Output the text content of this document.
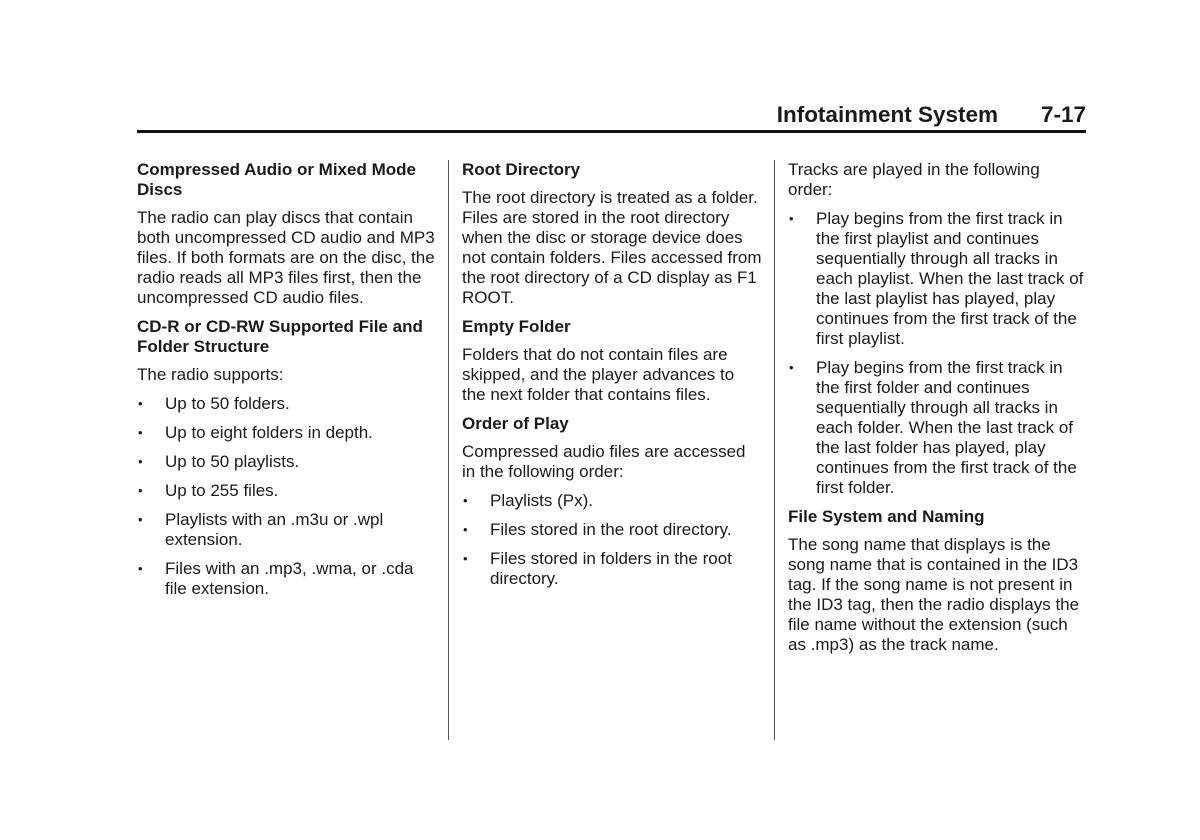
Infotainment System 7-17
Compressed Audio or Mixed Mode Discs

The radio can play discs that contain both uncompressed CD audio and MP3 files. If both formats are on the disc, the radio reads all MP3 files first, then the uncompressed CD audio files.

CD-R or CD-RW Supported File and Folder Structure

The radio supports:

• Up to 50 folders.
• Up to eight folders in depth.
• Up to 50 playlists.
• Up to 255 files.
• Playlists with an .m3u or .wpl extension.
• Files with an .mp3, .wma, or .cda file extension.
Root Directory

The root directory is treated as a folder. Files are stored in the root directory when the disc or storage device does not contain folders. Files accessed from the root directory of a CD display as F1 ROOT.

Empty Folder

Folders that do not contain files are skipped, and the player advances to the next folder that contains files.

Order of Play

Compressed audio files are accessed in the following order:

• Playlists (Px).
• Files stored in the root directory.
• Files stored in folders in the root directory.

Tracks are played in the following order:

• Play begins from the first track in the first playlist and continues sequentially through all tracks in each playlist. When the last track of the last playlist has played, play continues from the first track of the first playlist.
• Play begins from the first track in the first folder and continues sequentially through all tracks in each folder. When the last track of the last folder has played, play continues from the first track of the first folder.
File System and Naming

The song name that displays is the song name that is contained in the ID3 tag. If the song name is not present in the ID3 tag, then the radio displays the file name without the extension (such as .mp3) as the track name.
